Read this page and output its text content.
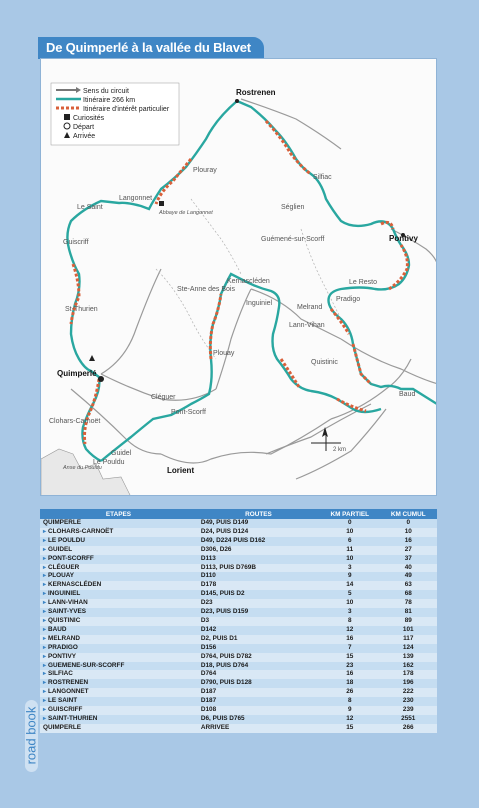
De Quimperlé à la vallée du Blavet
Sens du circuit
Itinéraire 266 km
Itinéraire d'intérêt particulier
Curiosités
Départ
Arrivée
Rostrenen
Silfiac
Plouray
Langonnet
Abbaye de Langonnet
Le Saint	Séglien
Guémené-sur-Scorff	Pontivy
Guiscriff
Kernascléden
Ste-Anne des Bois
Le Resto
Pradigo
Inguiniel
St-Thurien
Lann-Vihan
Melrand
Quimperlé
Plouay
Quistinic
Cléguer	Baud
Pont-Scorff
Clohars-Carnoët
Guidel
Le Pouldu
Anse du Pouldu	Lorient
2 km
ETAPES	ROUTES	KM PARTIEL	KM CUMUL
QUIMPERLE	D49, PUIS D149	0	0
▸ CLOHARS-CARNOËT	D24, PUIS D124	10	10
▸ LE POULDU	D49, D224 PUIS D162	6	16
▸ GUIDEL	D306, D26	11	27
▸ PONT-SCORFF	D113	10	37
▸ CLÉGUER	D113, PUIS D769B	3	40
▸ PLOUAY	D110	9	49
▸ KERNASCLÉDEN	D178	14	63
▸ INGUINIEL	D145, PUIS D2	5	68
▸ LANN-VIHAN	D23	10	78
▸ SAINT-YVES	D23, PUIS D159	3	81
▸ QUISTINIC	D3	8	89
▸ BAUD	D142	12	101
▸ MELRAND	D2, PUIS D1	16	117
▸ PRADIGO	D156	7	124
▸ PONTIVY	D764, PUIS D782	15	139
▸ GUEMENE-SUR-SCORFF	D18, PUIS D764	23	162
▸ SILFIAC	D764	16	178
▸ ROSTRENEN	D790, PUIS D128	18	196
▸ LANGONNET	D187	26	222
▸ LE SAINT	D187	8	230
▸ GUISCRIFF	D108	9	239
▸ SAINT-THURIEN	D6, PUIS D765	12	2551
QUIMPERLE	ARRIVEE	15	266
road book
